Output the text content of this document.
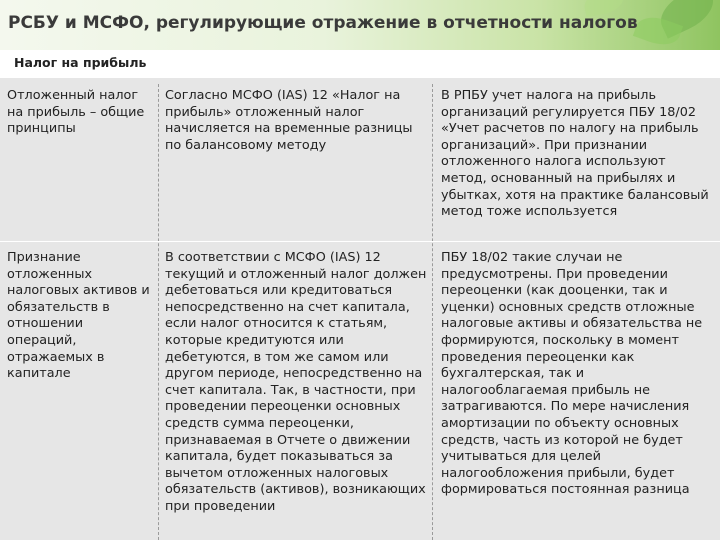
РСБУ и МСФО, регулирующие отражение в отчетности налогов
Налог на прибыль
Отложенный налог на прибыль – общие принципы
Согласно МСФО (IAS) 12 «Налог на прибыль» отложенный налог начисляется на временные разницы по балансовому методу
В РПБУ учет налога на прибыль организаций регулируется ПБУ 18/02 «Учет расчетов по налогу на прибыль организаций». При признании отложенного налога используют метод, основанный на прибылях и убытках, хотя на практике балансовый метод тоже используется
Признание отложенных налоговых активов и обязательств в отношении операций, отражаемых в капитале
В соответствии с МСФО (IAS) 12 текущий и отложенный налог должен дебетоваться или кредитоваться непосредственно на счет капитала, если налог относится к статьям, которые кредитуются или дебетуются, в том же самом или другом периоде, непосредственно на счет капитала. Так, в частности, при проведении переоценки основных средств сумма переоценки, признаваемая в Отчете о движении капитала, будет показываться за вычетом отложенных налоговых обязательств (активов), возникающих при проведении
ПБУ 18/02 такие случаи не предусмотрены. При проведении переоценки (как дооценки, так и уценки) основных средств отложные налоговые активы и обязательства не формируются, поскольку в момент проведения переоценки как бухгалтерская, так и налогооблагаемая прибыль не затрагиваются. По мере начисления амортизации по объекту основных средств, часть из которой не будет учитываться для целей налогообложения прибыли, будет формироваться постоянная разница
